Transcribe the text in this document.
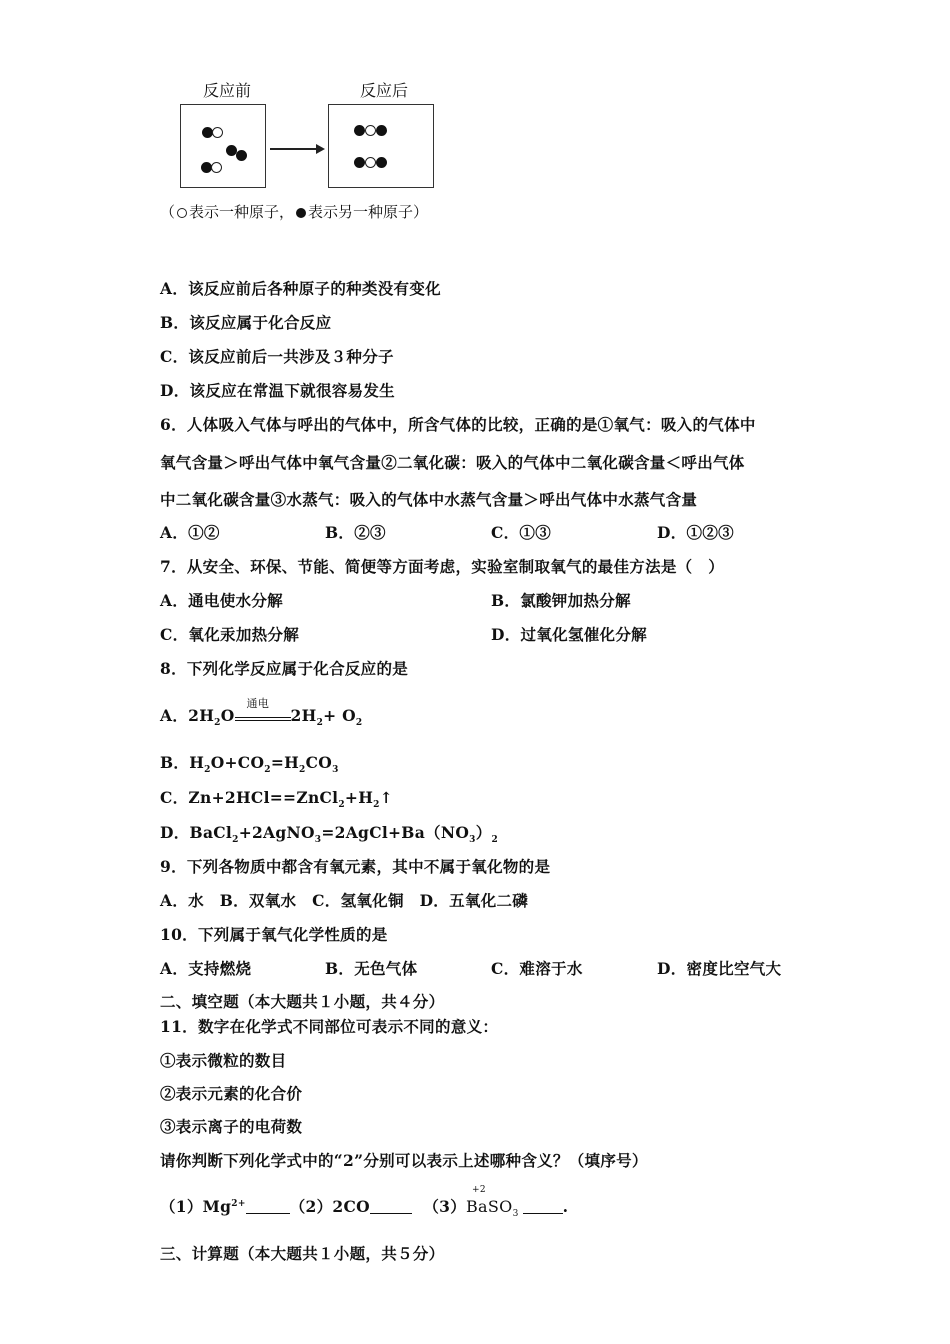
反应前	反应后
（ 表示一种原子， 表示另一种原子）
A．该反应前后各种原子的种类没有变化
B．该反应属于化合反应
C．该反应前后一共涉及３种分子
D．该反应在常温下就很容易发生
6．人体吸入气体与呼出的气体中，所含气体的比较，正确的是①氧气：吸入的气体中
氧气含量＞呼出气体中氧气含量②二氧化碳：吸入的气体中二氧化碳含量＜呼出气体
中二氧化碳含量③水蒸气：吸入的气体中水蒸气含量＞呼出气体中水蒸气含量
A．①②	B．②③	C．①③	D．①②③
7．从安全、环保、节能、简便等方面考虑，实验室制取氧气的最佳方法是（　）
A．通电使水分解	B．氯酸钾加热分解
C．氧化汞加热分解	D．过氧化氢催化分解
8．下列化学反应属于化合反应的是
A．$2H_2O$
通电
$2H_2+ O_2$
B．$H_2O+CO_2=H_2CO_3$
C．$Zn+2HCl==ZnCl_2+H_2↑$
D．$BaCl_2+2AgNO_3=2AgCl+Ba(NO_3)_2$
9．下列各物质中都含有氧元素，其中不属于氧化物的是
A．水　B．双氧水　C．氢氧化铜　D．五氧化二磷
10．下列属于氧气化学性质的是
A．支持燃烧	B．无色气体	C．难溶于水	D．密度比空气大
二、填空题（本大题共１小题，共４分）
11．数字在化学式不同部位可表示不同的意义：
①表示微粒的数目
②表示元素的化合价
③表示离子的电荷数
请你判断下列化学式中的“2”分别可以表示上述哪种含义？（填序号）
$(1)Mg^{2+}$	（2）2CO	（3）
+2
BaSO$_3$	.
三、计算题（本大题共１小题，共５分）
